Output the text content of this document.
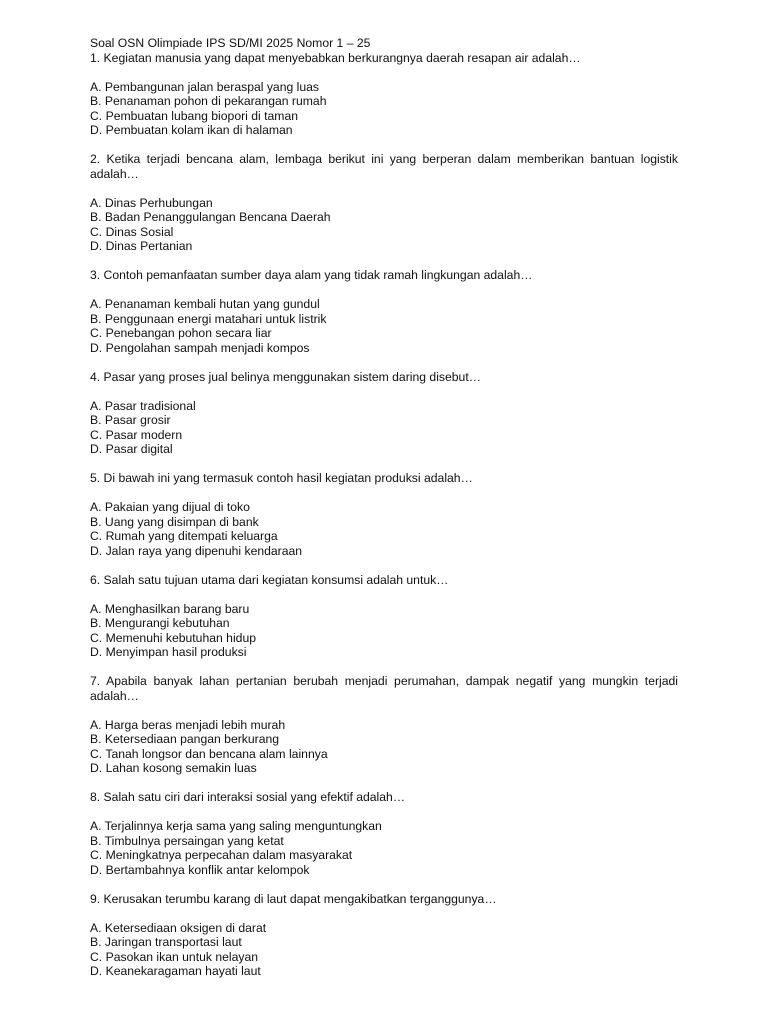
Soal OSN Olimpiade IPS SD/MI 2025 Nomor 1 – 25

1. Kegiatan manusia yang dapat menyebabkan berkurangnya daerah resapan air adalah…

A. Pembangunan jalan beraspal yang luas
B. Penanaman pohon di pekarangan rumah
C. Pembuatan lubang biopori di taman
D. Pembuatan kolam ikan di halaman

2. Ketika terjadi bencana alam, lembaga berikut ini yang berperan dalam memberikan bantuan logistik adalah…

A. Dinas Perhubungan
B. Badan Penanggulangan Bencana Daerah
C. Dinas Sosial
D. Dinas Pertanian

3. Contoh pemanfaatan sumber daya alam yang tidak ramah lingkungan adalah…

A. Penanaman kembali hutan yang gundul
B. Penggunaan energi matahari untuk listrik
C. Penebangan pohon secara liar
D. Pengolahan sampah menjadi kompos

4. Pasar yang proses jual belinya menggunakan sistem daring disebut…

A. Pasar tradisional
B. Pasar grosir
C. Pasar modern
D. Pasar digital

5. Di bawah ini yang termasuk contoh hasil kegiatan produksi adalah…

A. Pakaian yang dijual di toko
B. Uang yang disimpan di bank
C. Rumah yang ditempati keluarga
D. Jalan raya yang dipenuhi kendaraan

6. Salah satu tujuan utama dari kegiatan konsumsi adalah untuk…

A. Menghasilkan barang baru
B. Mengurangi kebutuhan
C. Memenuhi kebutuhan hidup
D. Menyimpan hasil produksi

7. Apabila banyak lahan pertanian berubah menjadi perumahan, dampak negatif yang mungkin terjadi adalah…

A. Harga beras menjadi lebih murah
B. Ketersediaan pangan berkurang
C. Tanah longsor dan bencana alam lainnya
D. Lahan kosong semakin luas

8. Salah satu ciri dari interaksi sosial yang efektif adalah…

A. Terjalinnya kerja sama yang saling menguntungkan
B. Timbulnya persaingan yang ketat
C. Meningkatnya perpecahan dalam masyarakat
D. Bertambahnya konflik antar kelompok

9. Kerusakan terumbu karang di laut dapat mengakibatkan terganggunya…

A. Ketersediaan oksigen di darat
B. Jaringan transportasi laut
C. Pasokan ikan untuk nelayan
D. Keanekaragaman hayati laut
